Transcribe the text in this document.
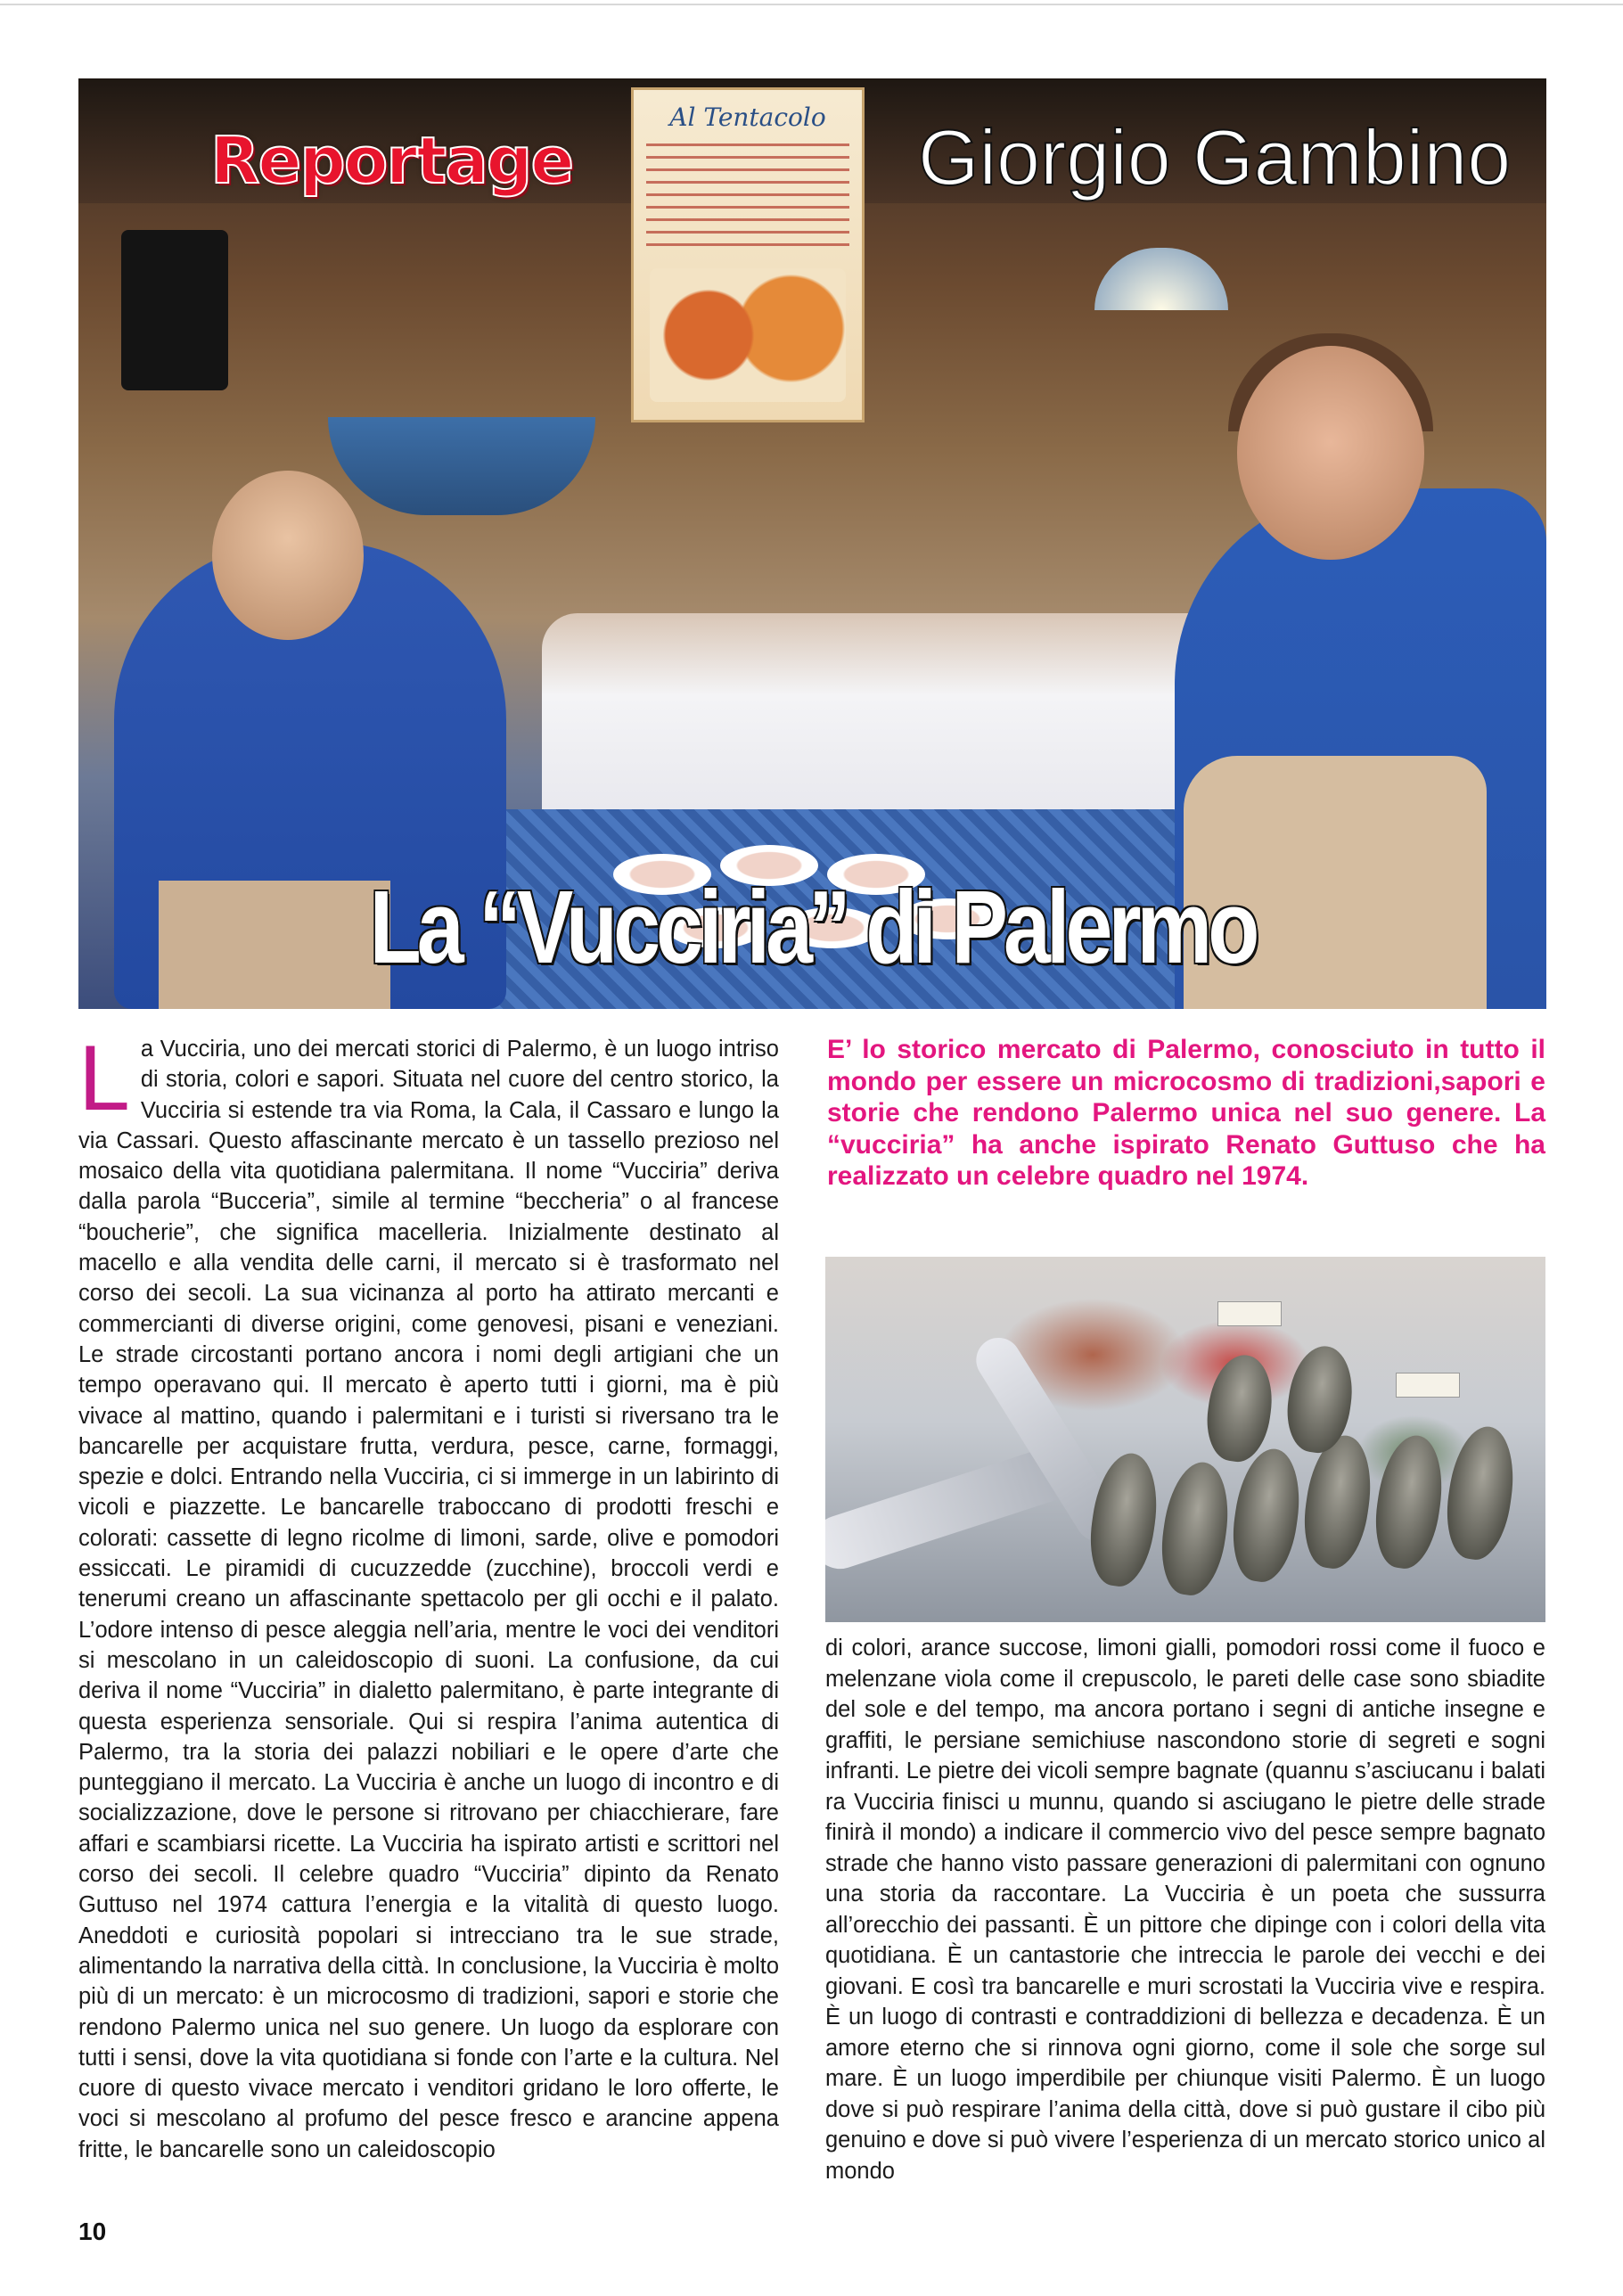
Al Tentacolo
Reportage	Giorgio Gambino
La “Vucciria” di Palermo

La Vucciria, uno dei mercati storici di Palermo, è un luogo intriso di storia, colori e sapori. Situata nel cuore del centro storico, la Vucciria si estende tra via Roma, la Cala, il Cassaro e lungo la via Cassari. Questo affascinante mercato è un tassello prezioso nel mosaico della vita quotidiana palermitana. Il nome “Vucciria” deriva dalla parola “Bucceria”, simile al termine “beccheria” o al francese “boucherie”, che significa macelleria. Inizialmente destinato al macello e alla vendita delle carni, il mercato si è trasformato nel corso dei secoli. La sua vicinanza al porto ha attirato mercanti e commercianti di diverse origini, come genovesi, pisani e veneziani. Le strade circostanti portano ancora i nomi degli artigiani che un tempo operavano qui. Il mercato è aperto tutti i giorni, ma è più vivace al mattino, quando i palermitani e i turisti si riversano tra le bancarelle per acquistare frutta, verdura, pesce, carne, formaggi, spezie e dolci. Entrando nella Vucciria, ci si immerge in un labirinto di vicoli e piazzette. Le bancarelle traboccano di prodotti freschi e colorati: cassette di legno ricolme di limoni, sarde, olive e pomodori essiccati. Le piramidi di cucuzzedde (zucchine), broccoli verdi e tenerumi creano un affascinante spettacolo per gli occhi e il palato. L’odore intenso di pesce aleggia nell’aria, mentre le voci dei venditori si mescolano in un caleidoscopio di suoni. La confusione, da cui deriva il nome “Vucciria” in dialetto palermitano, è parte integrante di questa esperienza sensoriale. Qui si respira l’anima autentica di Palermo, tra la storia dei palazzi nobiliari e le opere d’arte che punteggiano il mercato. La Vucciria è anche un luogo di incontro e di socializzazione, dove le persone si ritrovano per chiacchierare, fare affari e scambiarsi ricette. La Vucciria ha ispirato artisti e scrittori nel corso dei secoli. Il celebre quadro “Vucciria” dipinto da Renato Guttuso nel 1974 cattura l’energia e la vitalità di questo luogo. Aneddoti e curiosità popolari si intrecciano tra le sue strade, alimentando la narrativa della città. In conclusione, la Vucciria è molto più di un mercato: è un microcosmo di tradizioni, sapori e storie che rendono Palermo unica nel suo genere. Un luogo da esplorare con tutti i sensi, dove la vita quotidiana si fonde con l’arte e la cultura. Nel cuore di questo vivace mercato i venditori gridano le loro offerte, le voci si mescolano al profumo del pesce fresco e arancine appena fritte, le bancarelle sono un caleidoscopio

E’ lo storico mercato di Palermo, conosciuto in tutto il mondo per essere un microcosmo di tradizioni,sapori e storie che rendono Palermo unica nel suo genere. La “vucciria” ha anche ispirato Renato Guttuso che ha realizzato un celebre quadro nel 1974.

di colori, arance succose, limoni gialli, pomodori rossi come il fuoco e melenzane viola come il crepuscolo, le pareti delle case sono sbiadite del sole e del tempo, ma ancora portano i segni di antiche insegne e graffiti, le persiane semichiuse nascondono storie di segreti e sogni infranti. Le pietre dei vicoli sempre bagnate (quannu s’asciucanu i balati ra Vucciria finisci u munnu, quando si asciugano le pietre delle strade finirà il mondo) a indicare il commercio vivo del pesce sempre bagnato strade che hanno visto passare generazioni di palermitani con ognuno una storia da raccontare. La Vucciria è un poeta che sussurra all’orecchio dei passanti. È un pittore che dipinge con i colori della vita quotidiana. È un cantastorie che intreccia le parole dei vecchi e dei giovani. E così tra bancarelle e muri scrostati la Vucciria vive e respira. È un luogo di contrasti e contraddizioni di bellezza e decadenza. È un amore eterno che si rinnova ogni giorno, come il sole che sorge sul mare. È un luogo imperdibile per chiunque visiti Palermo. È un luogo dove si può respirare l’anima della città, dove si può gustare il cibo più genuino e dove si può vivere l’esperienza di un mercato storico unico al mondo

10
